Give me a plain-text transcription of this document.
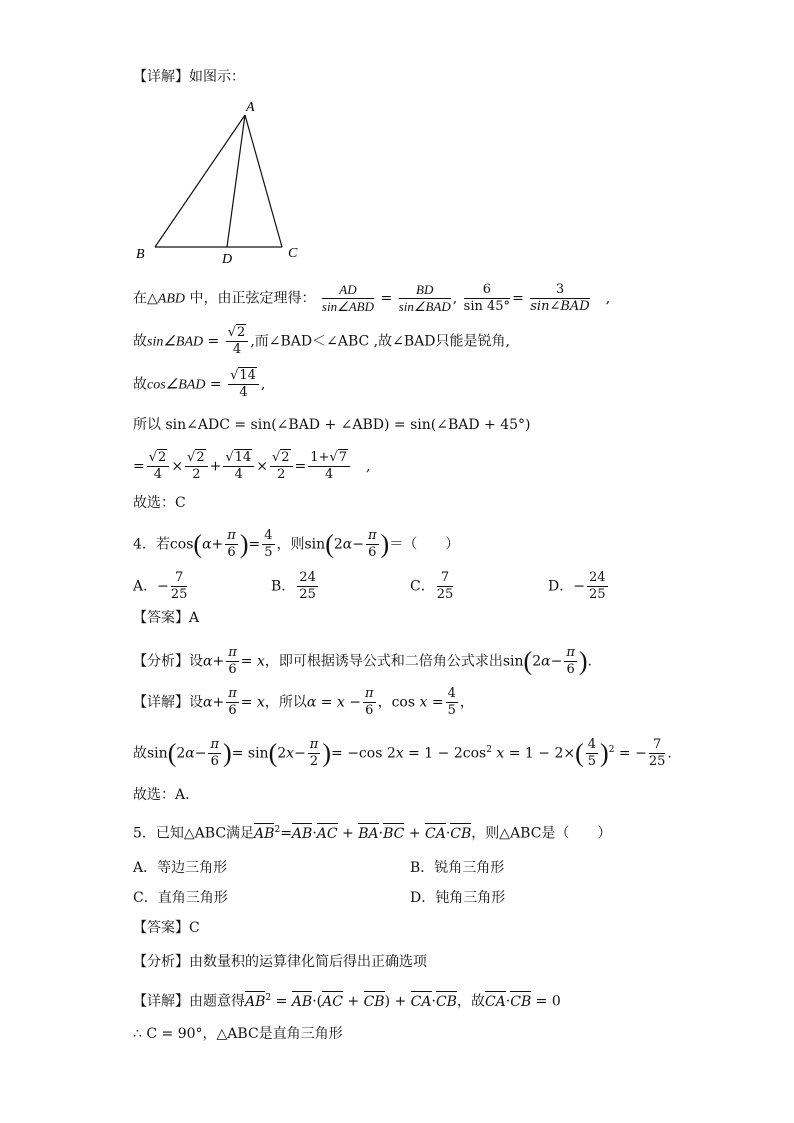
【详解】如图示：
A
B	C
D
在△ABD 中，由正弦定理得： $\frac{AD}{\text{sin∠ABD}} = \frac{BD}{\text{sin∠BAD}}$ , $\frac{6}{\sin 45^\circ} = \frac{3}{\text{sin∠BAD}}$ 　,
故sin∠BAD = $\frac{√2}{4}$ ,而∠BAD＜∠ABC ,故∠BAD只能是锐角,
故cos∠BAD = $\frac{√14}{4}$ ,
所以 sin∠ADC = sin(∠BAD + ∠ABD) = sin(∠BAD + 45°)
= $\frac{√2}{4} \times \frac{√2}{2} + \frac{√14}{4} \times \frac{√2}{2} = \frac{1+√7}{4}$ 　,
故选：C
4．若$\cos(\alpha+ \frac{\pi}{6}$ )= $\frac{4}{5}$ ，则$\sin(2\alpha- \frac{\pi}{6}$ )＝（　　）
A．− $\frac{7}{25}$	B． $\frac{24}{25}$	C． $\frac{7}{25}$	D．− $\frac{24}{25}$
【答案】A
【分析】设$\alpha+ \frac{\pi}{6} = x$，即可根据诱导公式和二倍角公式求出$\sin(2\alpha- \frac{\pi}{6}$ ).
【详解】设$\alpha+ \frac{\pi}{6} = x$，所以$\alpha = x - \frac{\pi}{6}$ ，$\cos x = \frac{4}{5}$ ，
故$\sin(2\alpha- \frac{\pi}{6}$ )= $\sin(2x- \frac{\pi}{2}$ )= −cos $2x = 1 - 2\cos^2$ $x = 1 - 2\times( \frac{4}{5} )^2$ = − $\frac{7}{25}$ .
故选：A.
5．已知△ABC满足$AB^2=AB\cdot AC + BA\cdot BC + CA\cdot CB$，则△ABC是（　　）
A．等边三角形	B．锐角三角形
C．直角三角形	D．钝角三角形
【答案】C
【分析】由数量积的运算律化简后得出正确选项
【详解】由题意得$AB^2 = AB\cdot(AC + CB) + CA\cdot CB$，故CA·CB = 0
∴ C = 90°，△ABC是直角三角形
